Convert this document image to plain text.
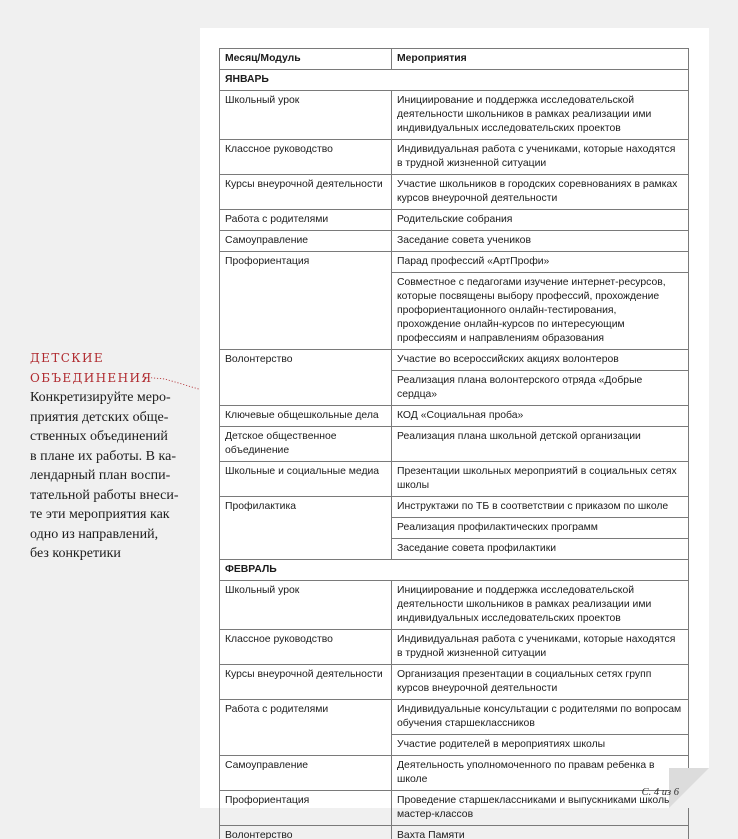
ДЕТСКИЕ
ОБЪЕДИНЕНИЯ
Конкретизируйте меро-
приятия детских обще-
ственных объединений
в плане их работы. В ка-
лендарный план воспи-
тательной работы внеси-
те эти мероприятия как
одно из направлений,
без конкретики
Месяц/Модуль	Мероприятия
ЯНВАРЬ	
Школьный урок	Инициирование и поддержка исследовательской деятельности школьников в рамках реализации ими индивидуальных исследовательских проектов
Классное руководство	Индивидуальная работа с учениками, которые находятся в трудной жизненной ситуации
Курсы внеурочной деятельности	Участие школьников в городских соревнованиях в рамках курсов внеурочной деятельности
Работа с родителями	Родительские собрания
Самоуправление	Заседание совета учеников
Профориентация	Парад профессий «АртПрофи»
	Совместное с педагогами изучение интернет-ресурсов, которые посвящены выбору профессий, прохождение профориентационного онлайн-тестирования, прохождение онлайн-курсов по интересующим профессиям и направлениям образования
Волонтерство	Участие во всероссийских акциях волонтеров
	Реализация плана волонтерского отряда «Добрые сердца»
Ключевые общешкольные дела	КОД «Социальная проба»
Детское общественное объединение	Реализация плана школьной детской организации
Школьные и социальные медиа	Презентации школьных мероприятий в социальных сетях школы
Профилактика	Инструктажи по ТБ в соответствии с приказом по школе
	Реализация профилактических программ
	Заседание совета профилактики
ФЕВРАЛЬ	
Школьный урок	Инициирование и поддержка исследовательской деятельности школьников в рамках реализации ими индивидуальных исследовательских проектов
Классное руководство	Индивидуальная работа с учениками, которые находятся в трудной жизненной ситуации
Курсы внеурочной деятельности	Организация презентации в социальных сетях групп курсов внеурочной деятельности
Работа с родителями	Индивидуальные консультации с родителями по вопросам обучения старшеклассников
	Участие родителей в мероприятиях школы
Самоуправление	Деятельность уполномоченного по правам ребенка в школе
Профориентация	Проведение старшеклассниками и выпускниками школы мастер-классов
Волонтерство	Вахта Памяти
С. 4 из 6
